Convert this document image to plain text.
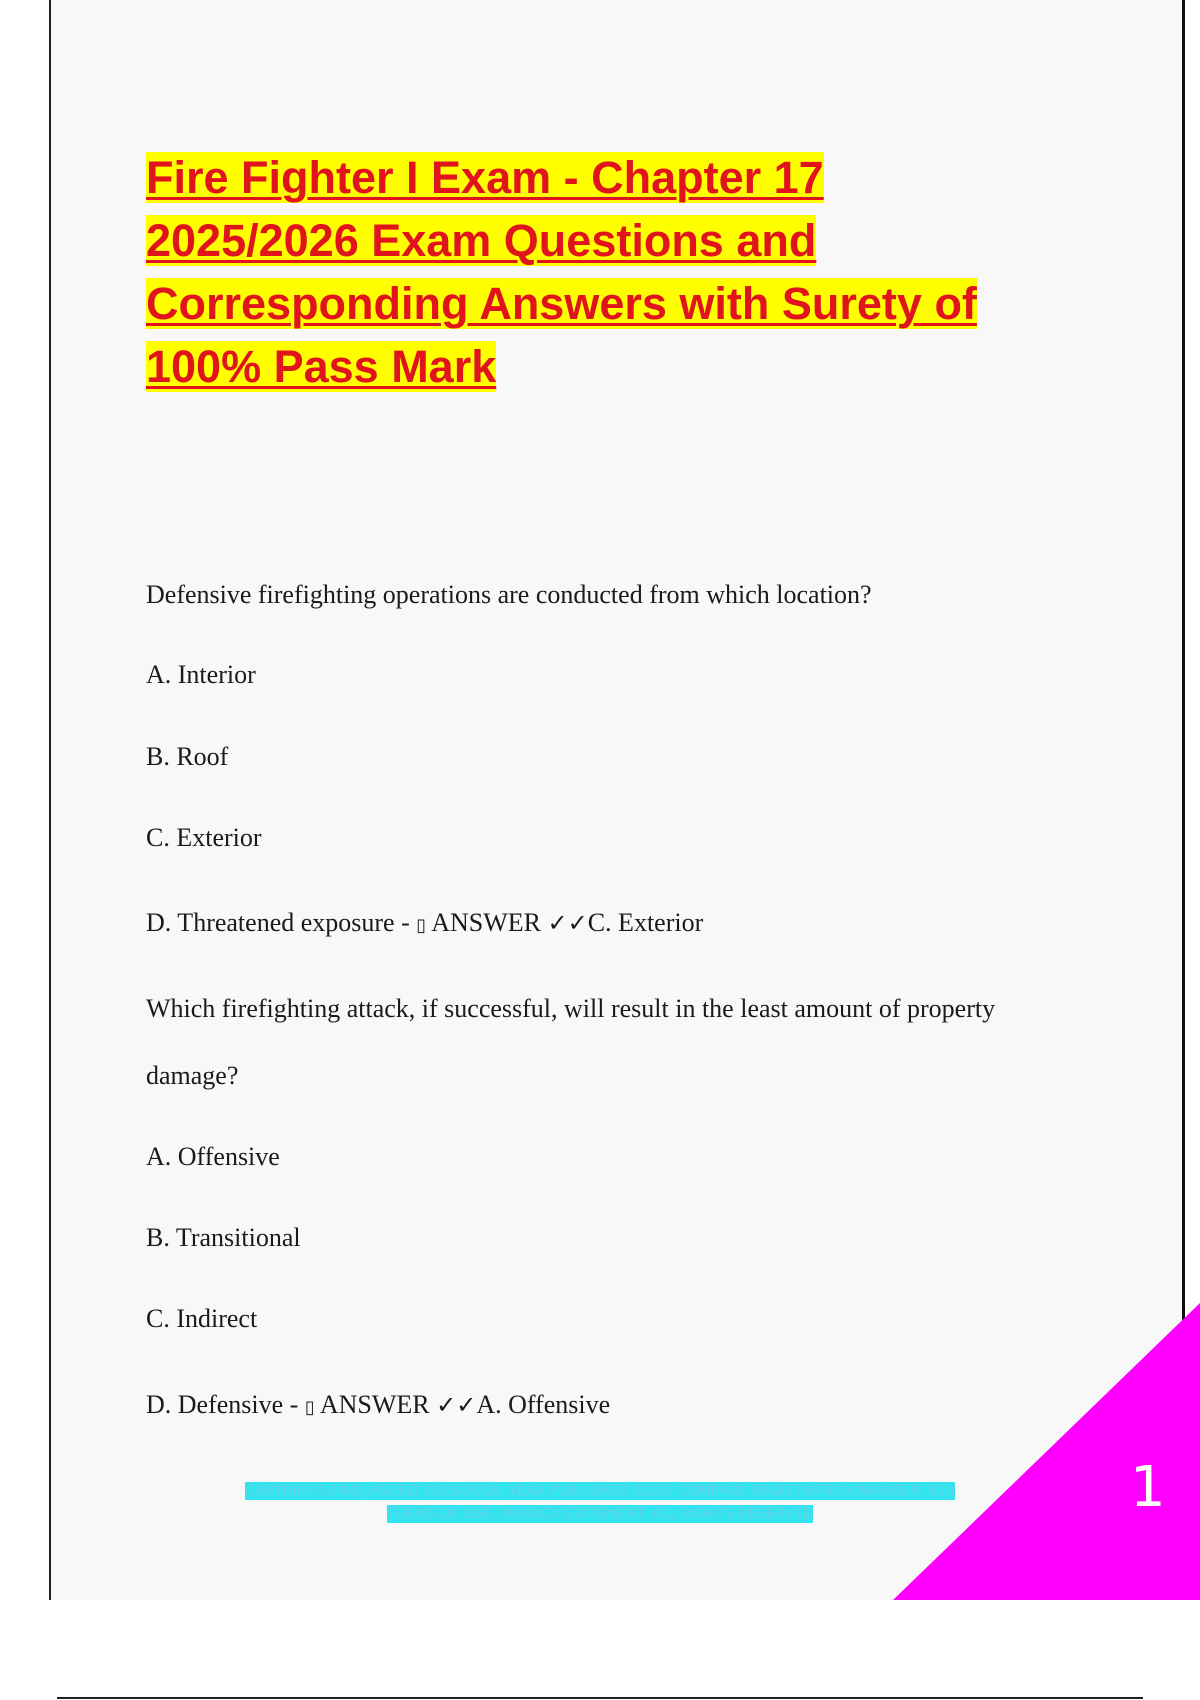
Fire Fighter I Exam - Chapter 17
2025/2026 Exam Questions and
Corresponding Answers with Surety of
100% Pass Mark

Defensive firefighting operations are conducted from which location?

A. Interior

B. Roof

C. Exterior

D. Threatened exposure - ▯ ANSWER ✓✓C. Exterior

Which firefighting attack, if successful, will result in the least amount of property

damage?

A. Offensive

B. Transitional

C. Indirect

D. Defensive - ▯ ANSWER ✓✓A. Offensive

COPYRIGHT©NINJANERD 2025/2026. YEAR PUBLISHED 2025. COMPANY REGISTRATION NUMBER: 619
TERMS OF USE. PRIVACY STATEMENT. ALL RIGHTS RESERVED	1
